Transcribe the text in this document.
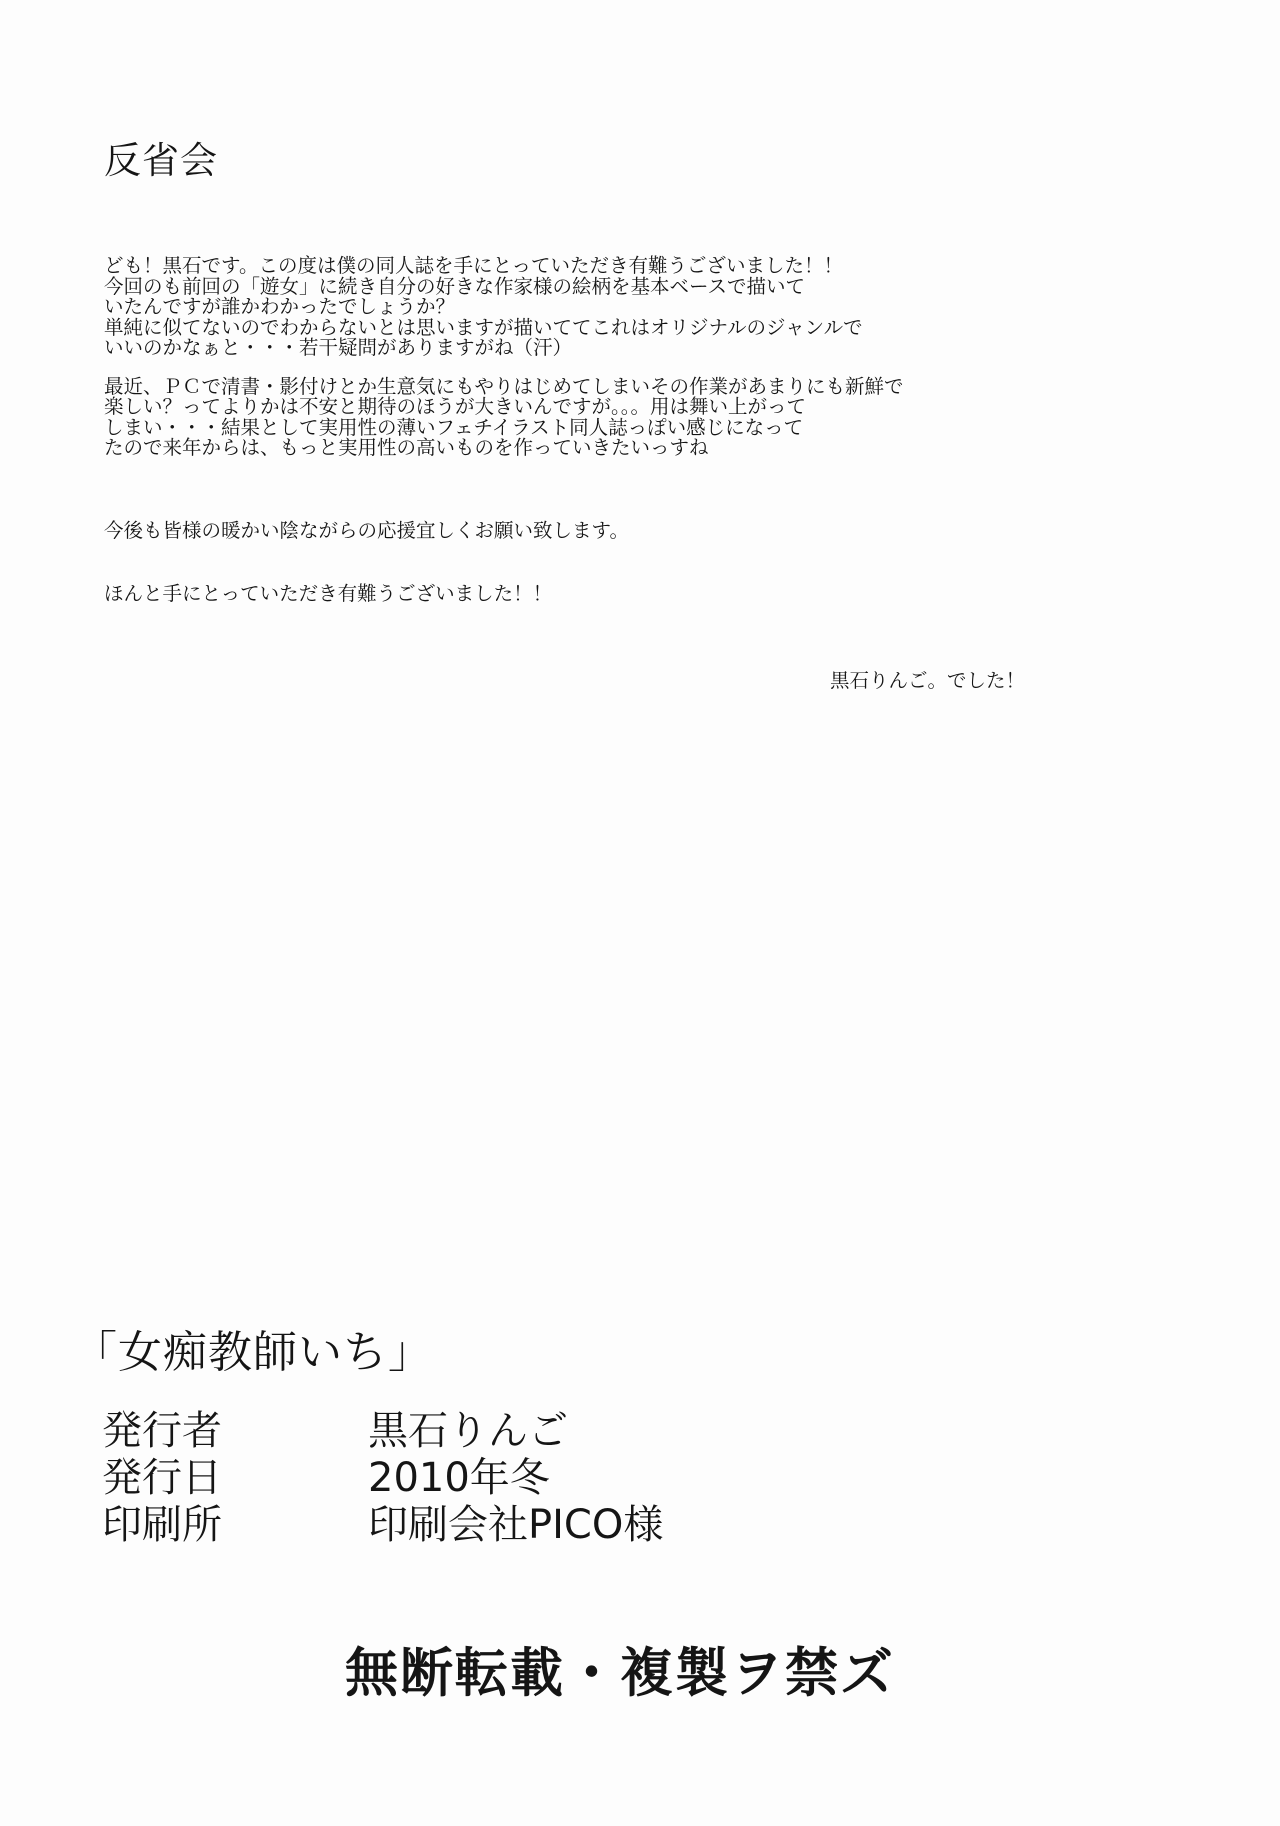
反省会

ども！黒石です。この度は僕の同人誌を手にとっていただき有難うございました！！

今回のも前回の「遊女」に続き自分の好きな作家様の絵柄を基本ベースで描いて

いたんですが誰かわかったでしょうか？

単純に似てないのでわからないとは思いますが描いててこれはオリジナルのジャンルで

いいのかなぁと・・・若干疑問がありますがね（汗）

最近、ＰＣで清書・影付けとか生意気にもやりはじめてしまいその作業があまりにも新鮮で

楽しい？ってよりかは不安と期待のほうが大きいんですが。。。用は舞い上がって

しまい・・・結果として実用性の薄いフェチイラスト同人誌っぽい感じになって

たので来年からは、もっと実用性の高いものを作っていきたいっすね

今後も皆様の暖かい陰ながらの応援宜しくお願い致します。

ほんと手にとっていただき有難うございました！！

黒石りんご。でした！
「女痴教師いち」
発行者	黒石りんご
発行日	2010年冬
印刷所	印刷会社PICO様
無断転載・複製ヲ禁ズ
